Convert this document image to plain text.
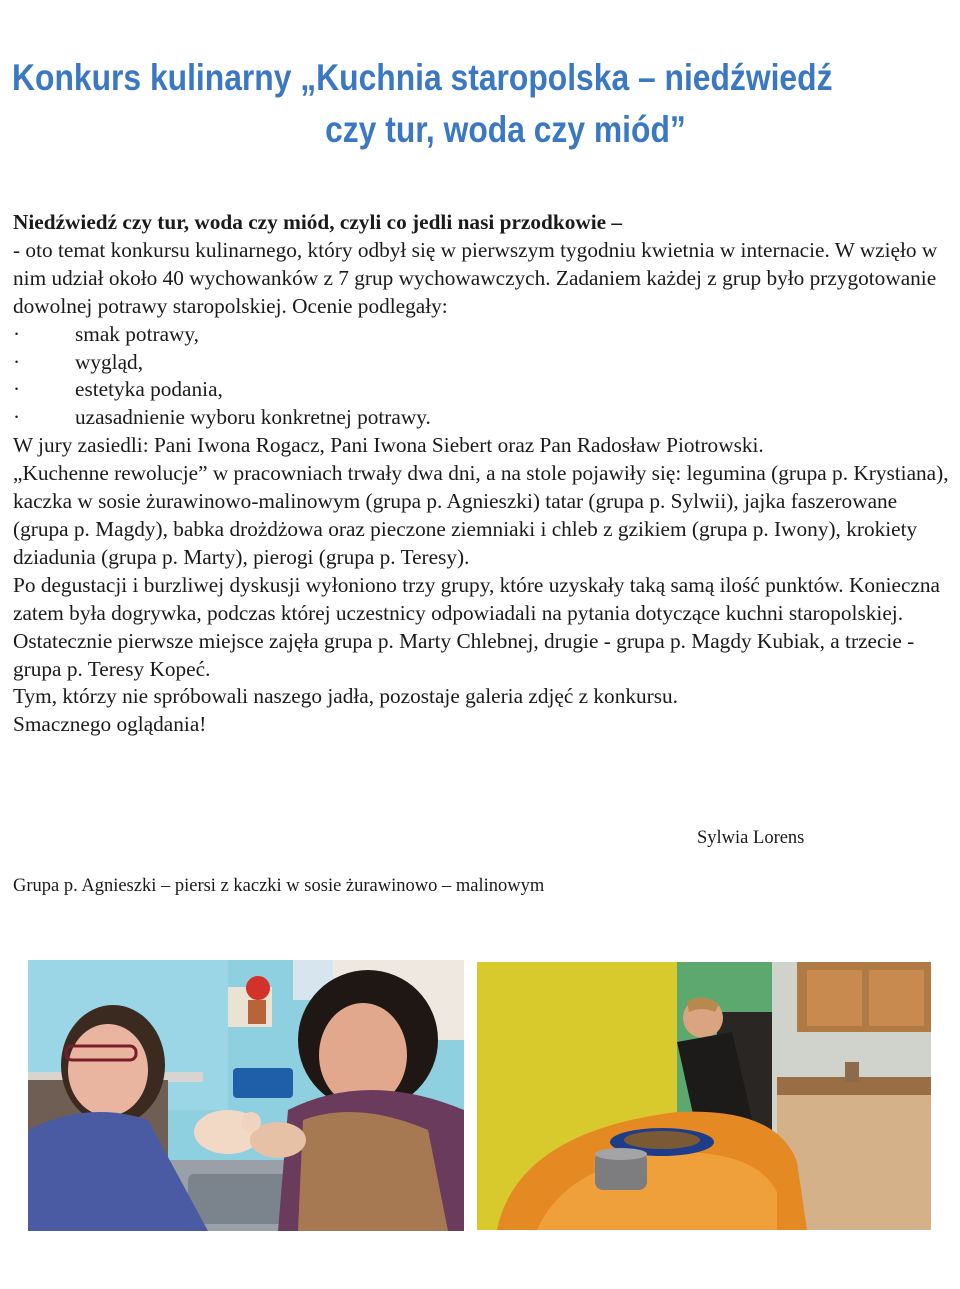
Konkurs kulinarny „Kuchnia staropolska – niedźwiedź
czy tur, woda czy miód”

Niedźwiedź czy tur, woda czy miód, czyli co jedli nasi przodkowie –

- oto temat konkursu kulinarnego, który odbył się w pierwszym tygodniu kwietnia w internacie. W wzięło w nim udział około 40 wychowanków z 7 grup wychowawczych. Zadaniem każdej z grup było przygotowanie dowolnej potrawy staropolskiej. Ocenie podlegały:

·	smak potrawy,
·	wygląd,
·	estetyka podania,
·	uzasadnienie wyboru konkretnej potrawy.

W jury zasiedli: Pani Iwona Rogacz, Pani Iwona Siebert oraz Pan Radosław Piotrowski.

„Kuchenne rewolucje” w pracowniach trwały dwa dni, a na stole pojawiły się: legumina (grupa p. Krystiana), kaczka w sosie żurawinowo-malinowym (grupa p. Agnieszki) tatar (grupa p. Sylwii), jajka faszerowane (grupa p. Magdy), babka drożdżowa oraz pieczone ziemniaki i chleb z gzikiem (grupa p. Iwony), krokiety dziadunia (grupa p. Marty), pierogi (grupa p. Teresy).

Po degustacji i burzliwej dyskusji wyłoniono trzy grupy, które uzyskały taką samą ilość punktów. Konieczna zatem była dogrywka, podczas której uczestnicy odpowiadali na pytania dotyczące kuchni staropolskiej.

Ostatecznie pierwsze miejsce zajęła grupa p. Marty Chlebnej, drugie - grupa p. Magdy Kubiak, a trzecie - grupa p. Teresy Kopeć.

Tym, którzy nie spróbowali naszego jadła, pozostaje galeria zdjęć z konkursu.

Smacznego oglądania!

Sylwia Lorens
Grupa p. Agnieszki – piersi z kaczki w sosie żurawinowo – malinowym
